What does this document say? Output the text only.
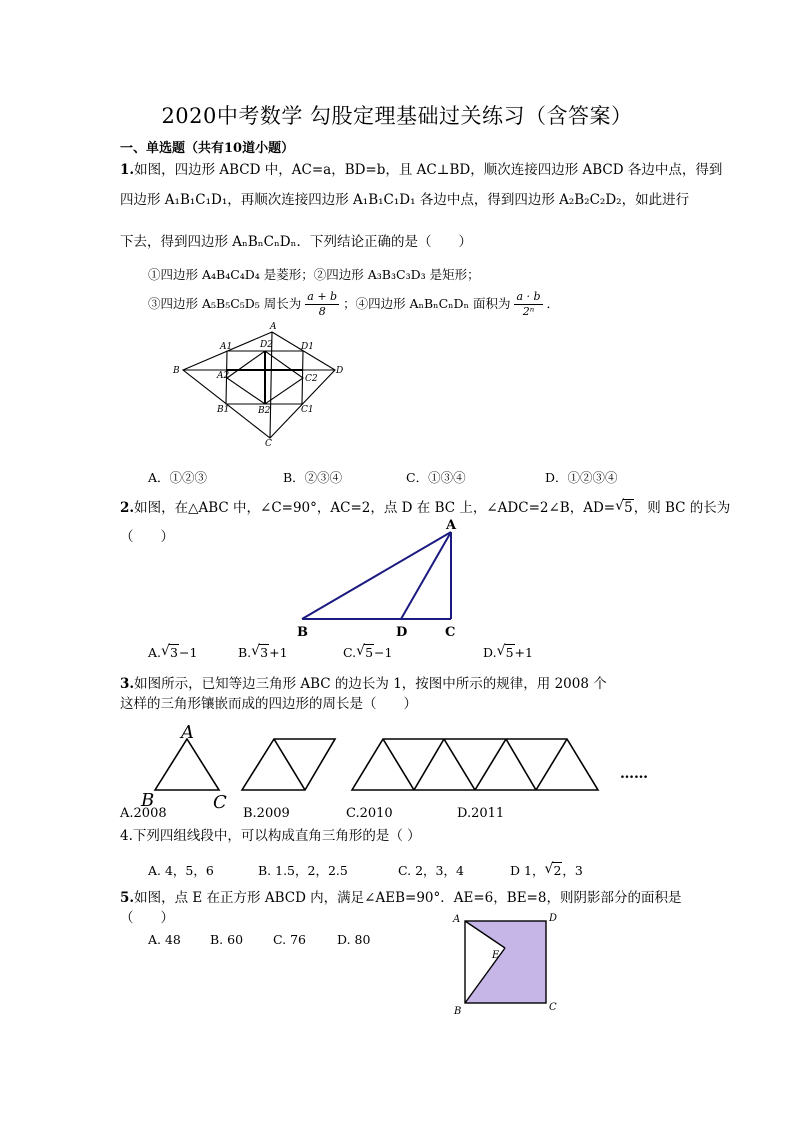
2020中考数学 勾股定理基础过关练习（含答案）
一、单选题（共有10道小题）
1.如图，四边形 ABCD 中，AC=a，BD=b，且 AC⊥BD，顺次连接四边形 ABCD 各边中点，得到
四边形 A₁B₁C₁D₁，再顺次连接四边形 A₁B₁C₁D₁ 各边中点，得到四边形 A₂B₂C₂D₂，如此进行
下去，得到四边形 AₙBₙCₙDₙ．下列结论正确的是（　　）
①四边形 A₄B₄C₄D₄ 是菱形；②四边形 A₃B₃C₃D₃ 是矩形；
③四边形 A₅B₅C₅D₅ 周长为 $\frac{a + b}{8}$ ；④四边形 AₙBₙCₙDₙ 面积为 $\frac{a \cdot b}{\text{2ⁿ}}$ ．
A
B
C
D
A1
B1	C1
D1
A2
B2
C2
D2
A．①②③	B．②③④	C．①③④	D．①②③④
2.如图，在△ABC 中，∠C=90°，AC=2，点 D 在 BC 上，∠ADC=2∠B，AD= √ 5，则 BC 的长为
（　　）
A
B	D	C
A. √ 3−1	B. √ 3+1	C. √ 5−1	D. √ 5+1
3.如图所示，已知等边三角形 ABC 的边长为 1，按图中所示的规律，用 2008 个
这样的三角形镶嵌而成的四边形的周长是（　　）
A
B	C
……
A.2008	B.2009	C.2010	D.2011
4.下列四组线段中，可以构成直角三角形的是（ ）
A. 4，5，6	B. 1.5，2，2.5	C. 2，3，4	D 1， √ 2，3
5.如图，点 E 在正方形 ABCD 内，满足∠AEB=90°．AE=6，BE=8，则阴影部分的面积是
（　　）
A. 48 B. 60 C. 76 D. 80
A	D
B	C
E
